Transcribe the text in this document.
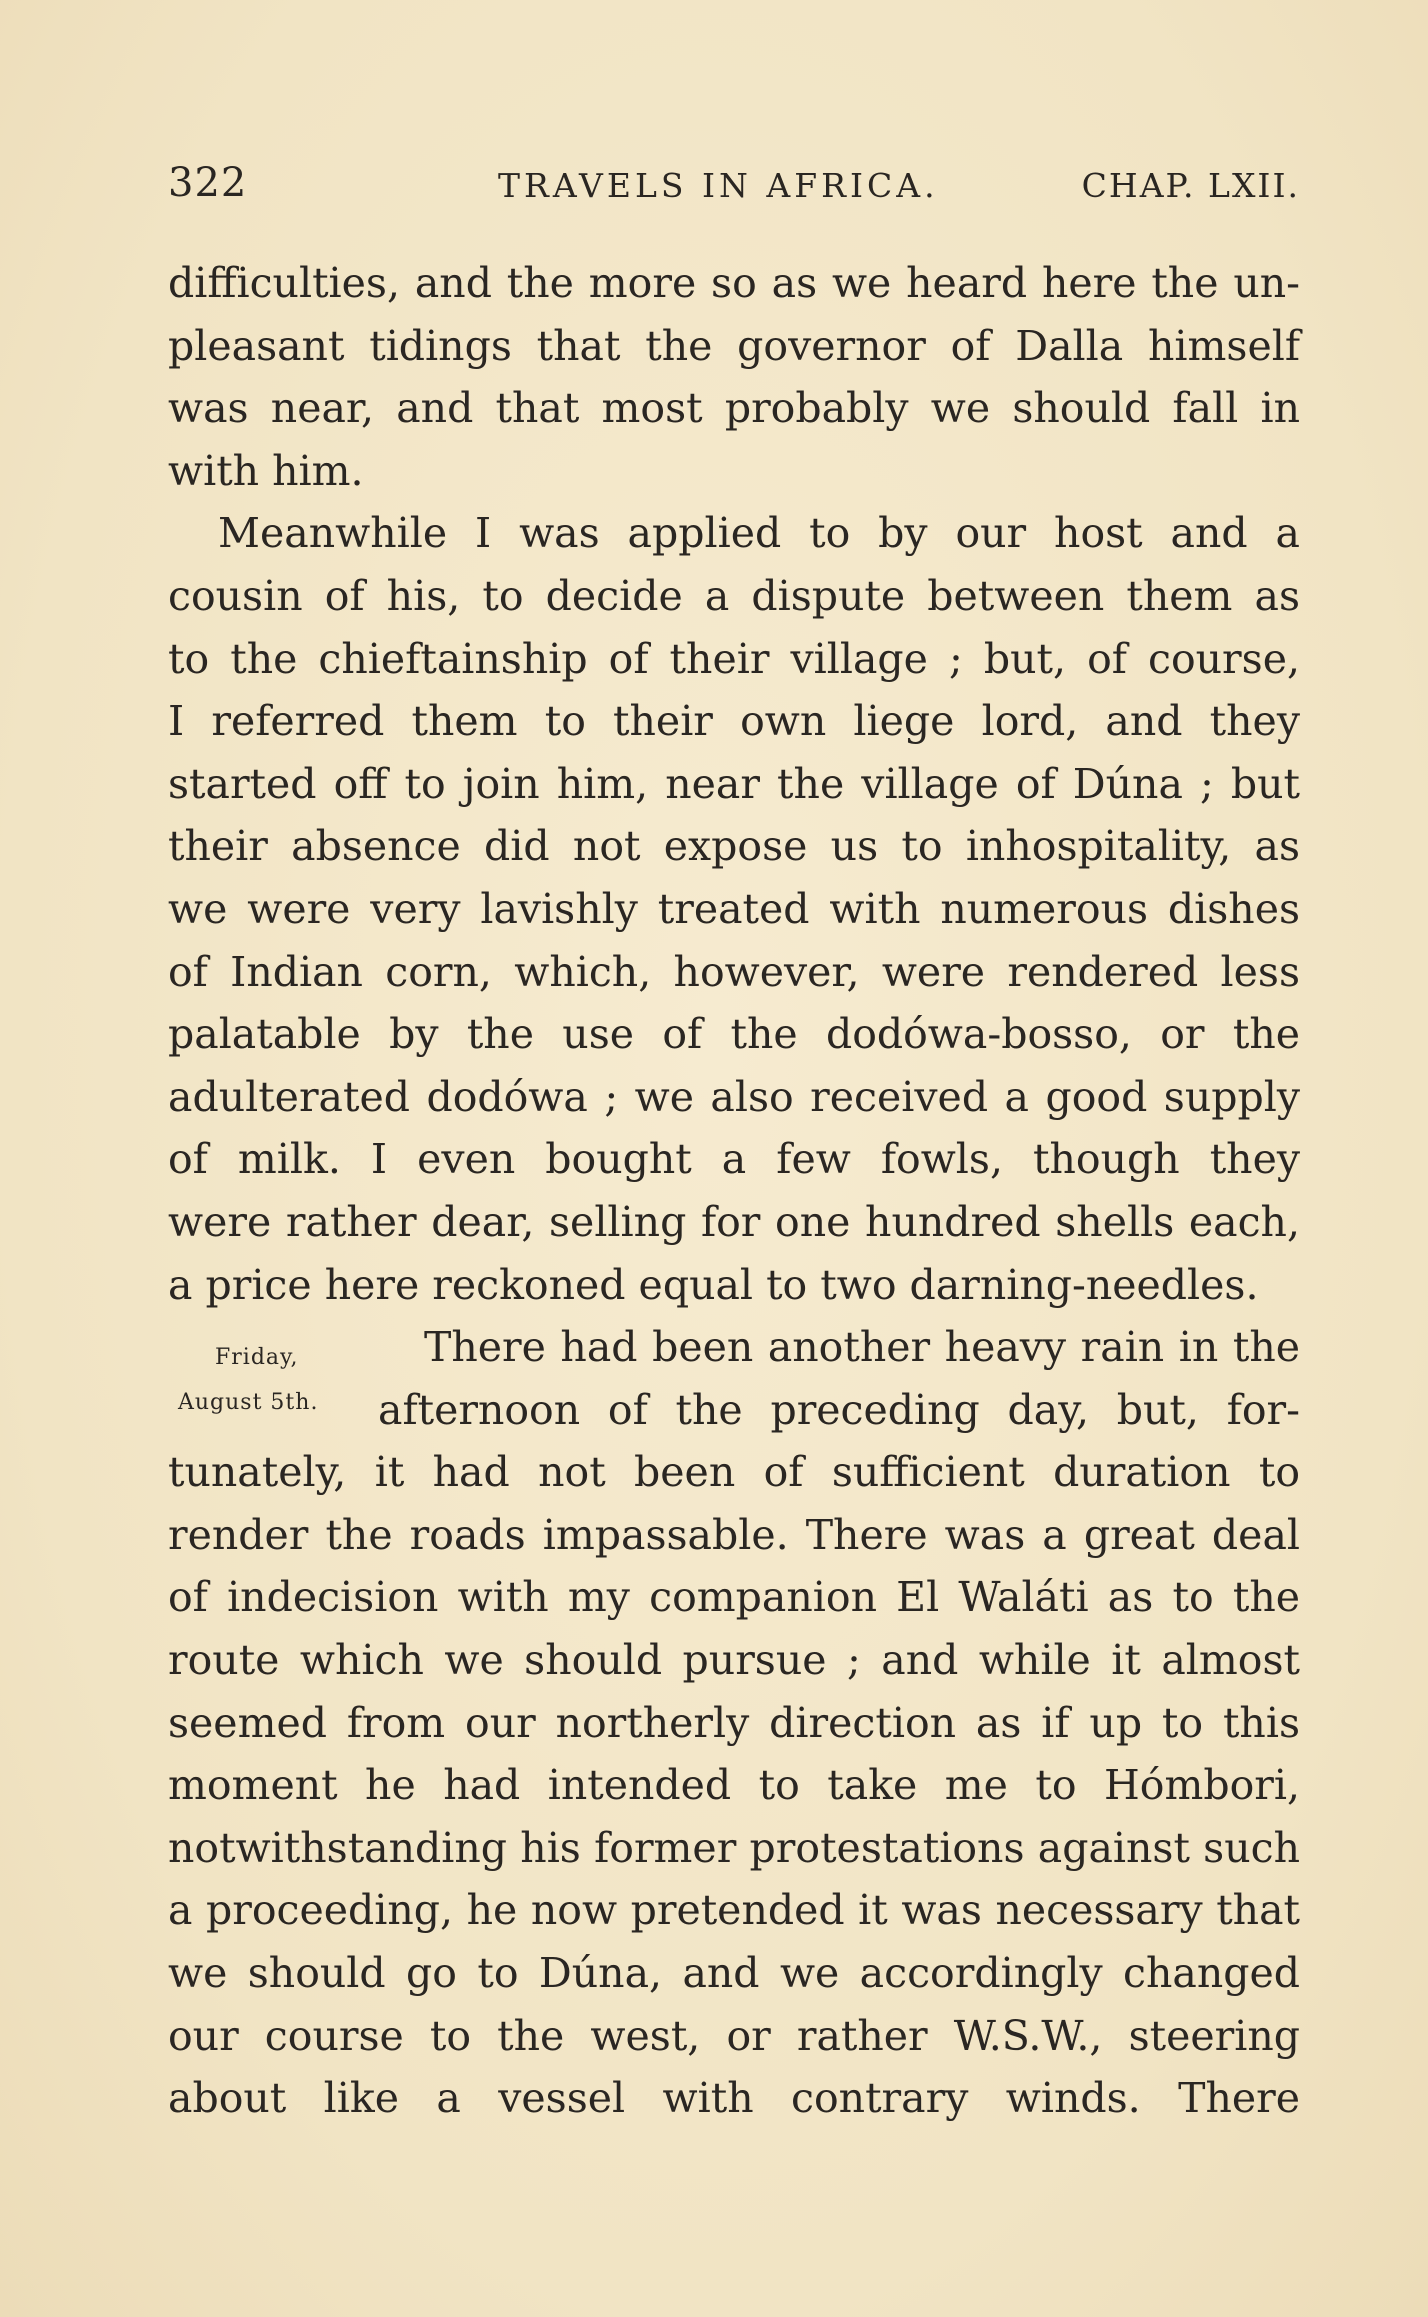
322	TRAVELS IN AFRICA.	CHAP. LXII.
Friday,
August 5th.
difficulties, and the more so as we heard here the un-
pleasant tidings that the governor of Dalla himself
was near, and that most probably we should fall in
with him.
Meanwhile I was applied to by our host and a
cousin of his, to decide a dispute between them as
to the chieftainship of their village ; but, of course,
I referred them to their own liege lord, and they
started off to join him, near the village of Dúna ; but
their absence did not expose us to inhospitality, as
we were very lavishly treated with numerous dishes
of Indian corn, which, however, were rendered less
palatable by the use of the dodówa-bosso, or the
adulterated dodówa ; we also received a good supply
of milk. I even bought a few fowls, though they
were rather dear, selling for one hundred shells each,
a price here reckoned equal to two darning-needles.
There had been another heavy rain in the
afternoon of the preceding day, but, for-
tunately, it had not been of sufficient duration to
render the roads impassable. There was a great deal
of indecision with my companion El Waláti as to the
route which we should pursue ; and while it almost
seemed from our northerly direction as if up to this
moment he had intended to take me to Hómbori,
notwithstanding his former protestations against such
a proceeding, he now pretended it was necessary that
we should go to Dúna, and we accordingly changed
our course to the west, or rather W.S.W., steering
about like a vessel with contrary winds. There
